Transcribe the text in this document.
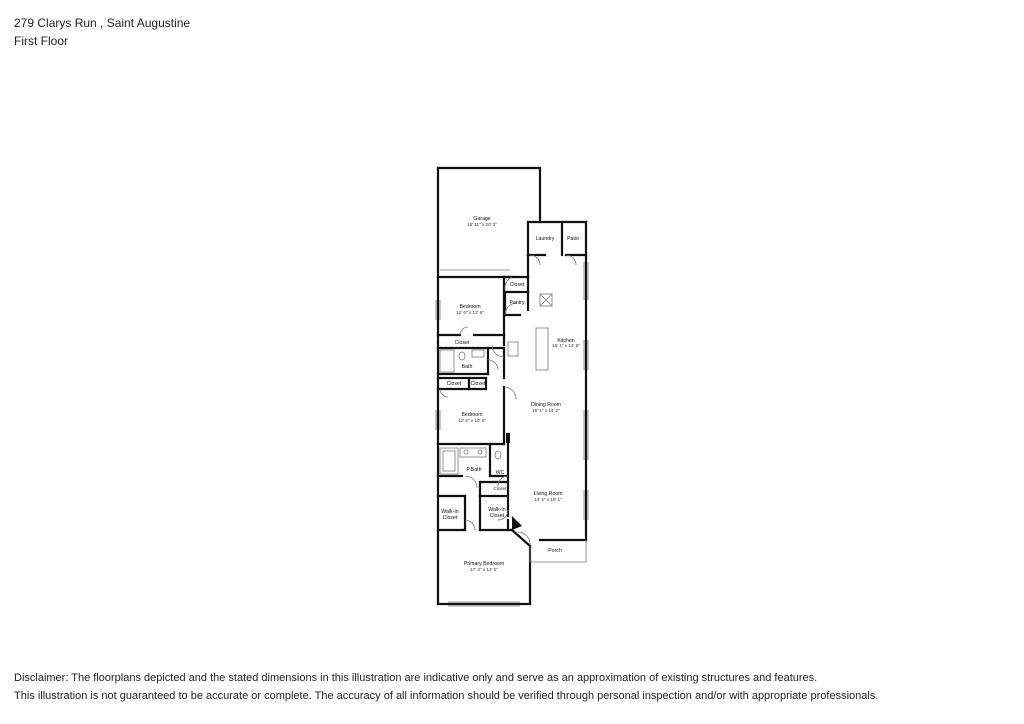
279 Clarys Run , Saint Augustine
First Floor
Garage
18' 11" x 20' 3"
Laundry Patio
Closet
Pantry
Kitchen
15' 1" x 14' 8"
Bedroom
12' 6" x 13' 8"
Closet
Bath
Closet Closet
Bedroom
12' 6" x 10' 6"
Dining Room
15' 1" x 14' 2"
P.Bath	WC
Closet
Living Room
14' 2" x 19' 1"
Walk-In
Closet
Walk-In
Closet
Porch
Primary Bedroom
17' 3" x 13' 5"
Disclaimer: The floorplans depicted and the stated dimensions in this illustration are indicative only and serve as an approximation of existing structures and features.
This illustration is not guaranteed to be accurate or complete. The accuracy of all information should be verified through personal inspection and/or with appropriate professionals.
